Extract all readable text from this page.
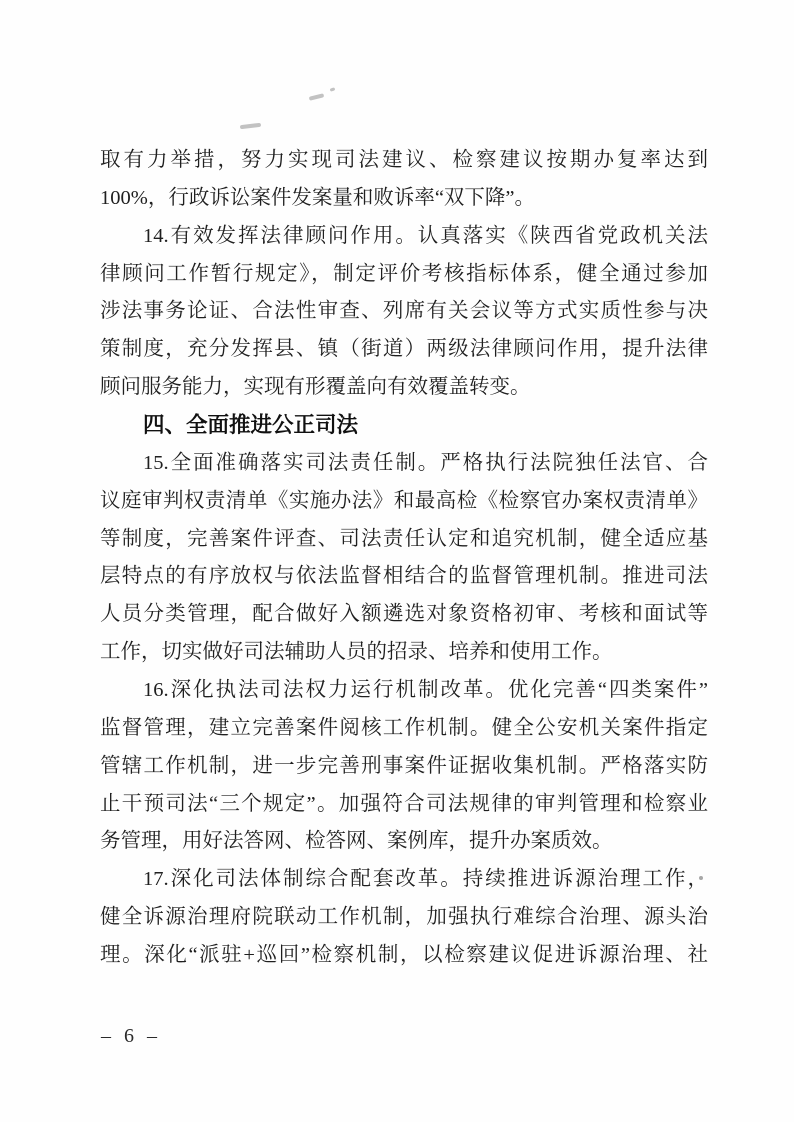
取有力举措，努力实现司法建议、检察建议按期办复率达到
100%，行政诉讼案件发案量和败诉率“双下降”。
14.有效发挥法律顾问作用。认真落实《陕西省党政机关法
律顾问工作暂行规定》，制定评价考核指标体系，健全通过参加
涉法事务论证、合法性审查、列席有关会议等方式实质性参与决
策制度，充分发挥县、镇（街道）两级法律顾问作用，提升法律
顾问服务能力，实现有形覆盖向有效覆盖转变。
四、全面推进公正司法
15.全面准确落实司法责任制。严格执行法院独任法官、合
议庭审判权责清单《实施办法》和最高检《检察官办案权责清单》
等制度，完善案件评查、司法责任认定和追究机制，健全适应基
层特点的有序放权与依法监督相结合的监督管理机制。推进司法
人员分类管理，配合做好入额遴选对象资格初审、考核和面试等
工作，切实做好司法辅助人员的招录、培养和使用工作。
16.深化执法司法权力运行机制改革。优化完善“四类案件”
监督管理，建立完善案件阅核工作机制。健全公安机关案件指定
管辖工作机制，进一步完善刑事案件证据收集机制。严格落实防
止干预司法“三个规定”。加强符合司法规律的审判管理和检察业
务管理，用好法答网、检答网、案例库，提升办案质效。
17.深化司法体制综合配套改革。持续推进诉源治理工作，
健全诉源治理府院联动工作机制，加强执行难综合治理、源头治
理。深化“派驻+巡回”检察机制，以检察建议促进诉源治理、社
– 6 –
